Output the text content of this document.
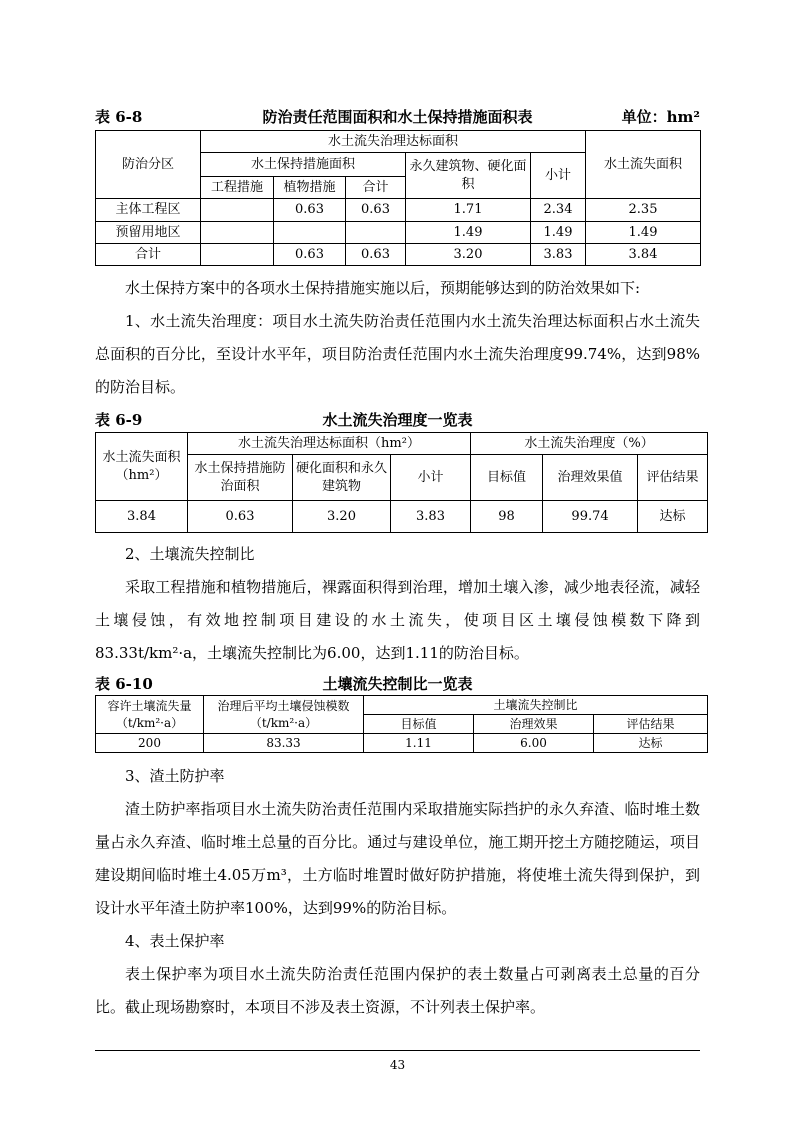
表 6-8	防治责任范围面积和水土保持措施面积表	单位：hm²
防治分区	水土流失治理达标面积					水土流失面积
	水土保持措施面积			永久建筑物、硬化面积	小计	
	工程措施	植物措施	合计			
主体工程区		0.63	0.63	1.71	2.34	2.35
预留用地区				1.49	1.49	1.49
合计		0.63	0.63	3.20	3.83	3.84

水土保持方案中的各项水土保持措施实施以后，预期能够达到的防治效果如下:

1、水土流失治理度：项目水土流失防治责任范围内水土流失治理达标面积占水土流失总面积的百分比，至设计水平年，项目防治责任范围内水土流失治理度99.74%，达到98%的防治目标。

表 6-9	水土流失治理度一览表
水土流失面积（hm²）	水土流失治理达标面积（hm²）			水土流失治理度（%）		
	水土保持措施防治面积	硬化面积和永久建筑物	小计	目标值	治理效果值	评估结果
3.84	0.63	3.20	3.83	98	99.74	达标

2、土壤流失控制比

采取工程措施和植物措施后，裸露面积得到治理，增加土壤入渗，减少地表径流，减轻土壤侵蚀，有效地控制项目建设的水土流失，使项目区土壤侵蚀模数下降到83.33t/km²·a，土壤流失控制比为6.00，达到1.11的防治目标。

表 6-10	土壤流失控制比一览表
容许土壤流失量（t/km²·a）	治理后平均土壤侵蚀模数（t/km²·a）	土壤流失控制比		
		目标值	治理效果	评估结果
200	83.33	1.11	6.00	达标

3、渣土防护率

渣土防护率指项目水土流失防治责任范围内采取措施实际挡护的永久弃渣、临时堆土数量占永久弃渣、临时堆土总量的百分比。通过与建设单位，施工期开挖土方随挖随运，项目建设期间临时堆土4.05万m³，土方临时堆置时做好防护措施，将使堆土流失得到保护，到设计水平年渣土防护率100%，达到99%的防治目标。

4、表土保护率

表土保护率为项目水土流失防治责任范围内保护的表土数量占可剥离表土总量的百分比。截止现场勘察时，本项目不涉及表土资源，不计列表土保护率。

43
